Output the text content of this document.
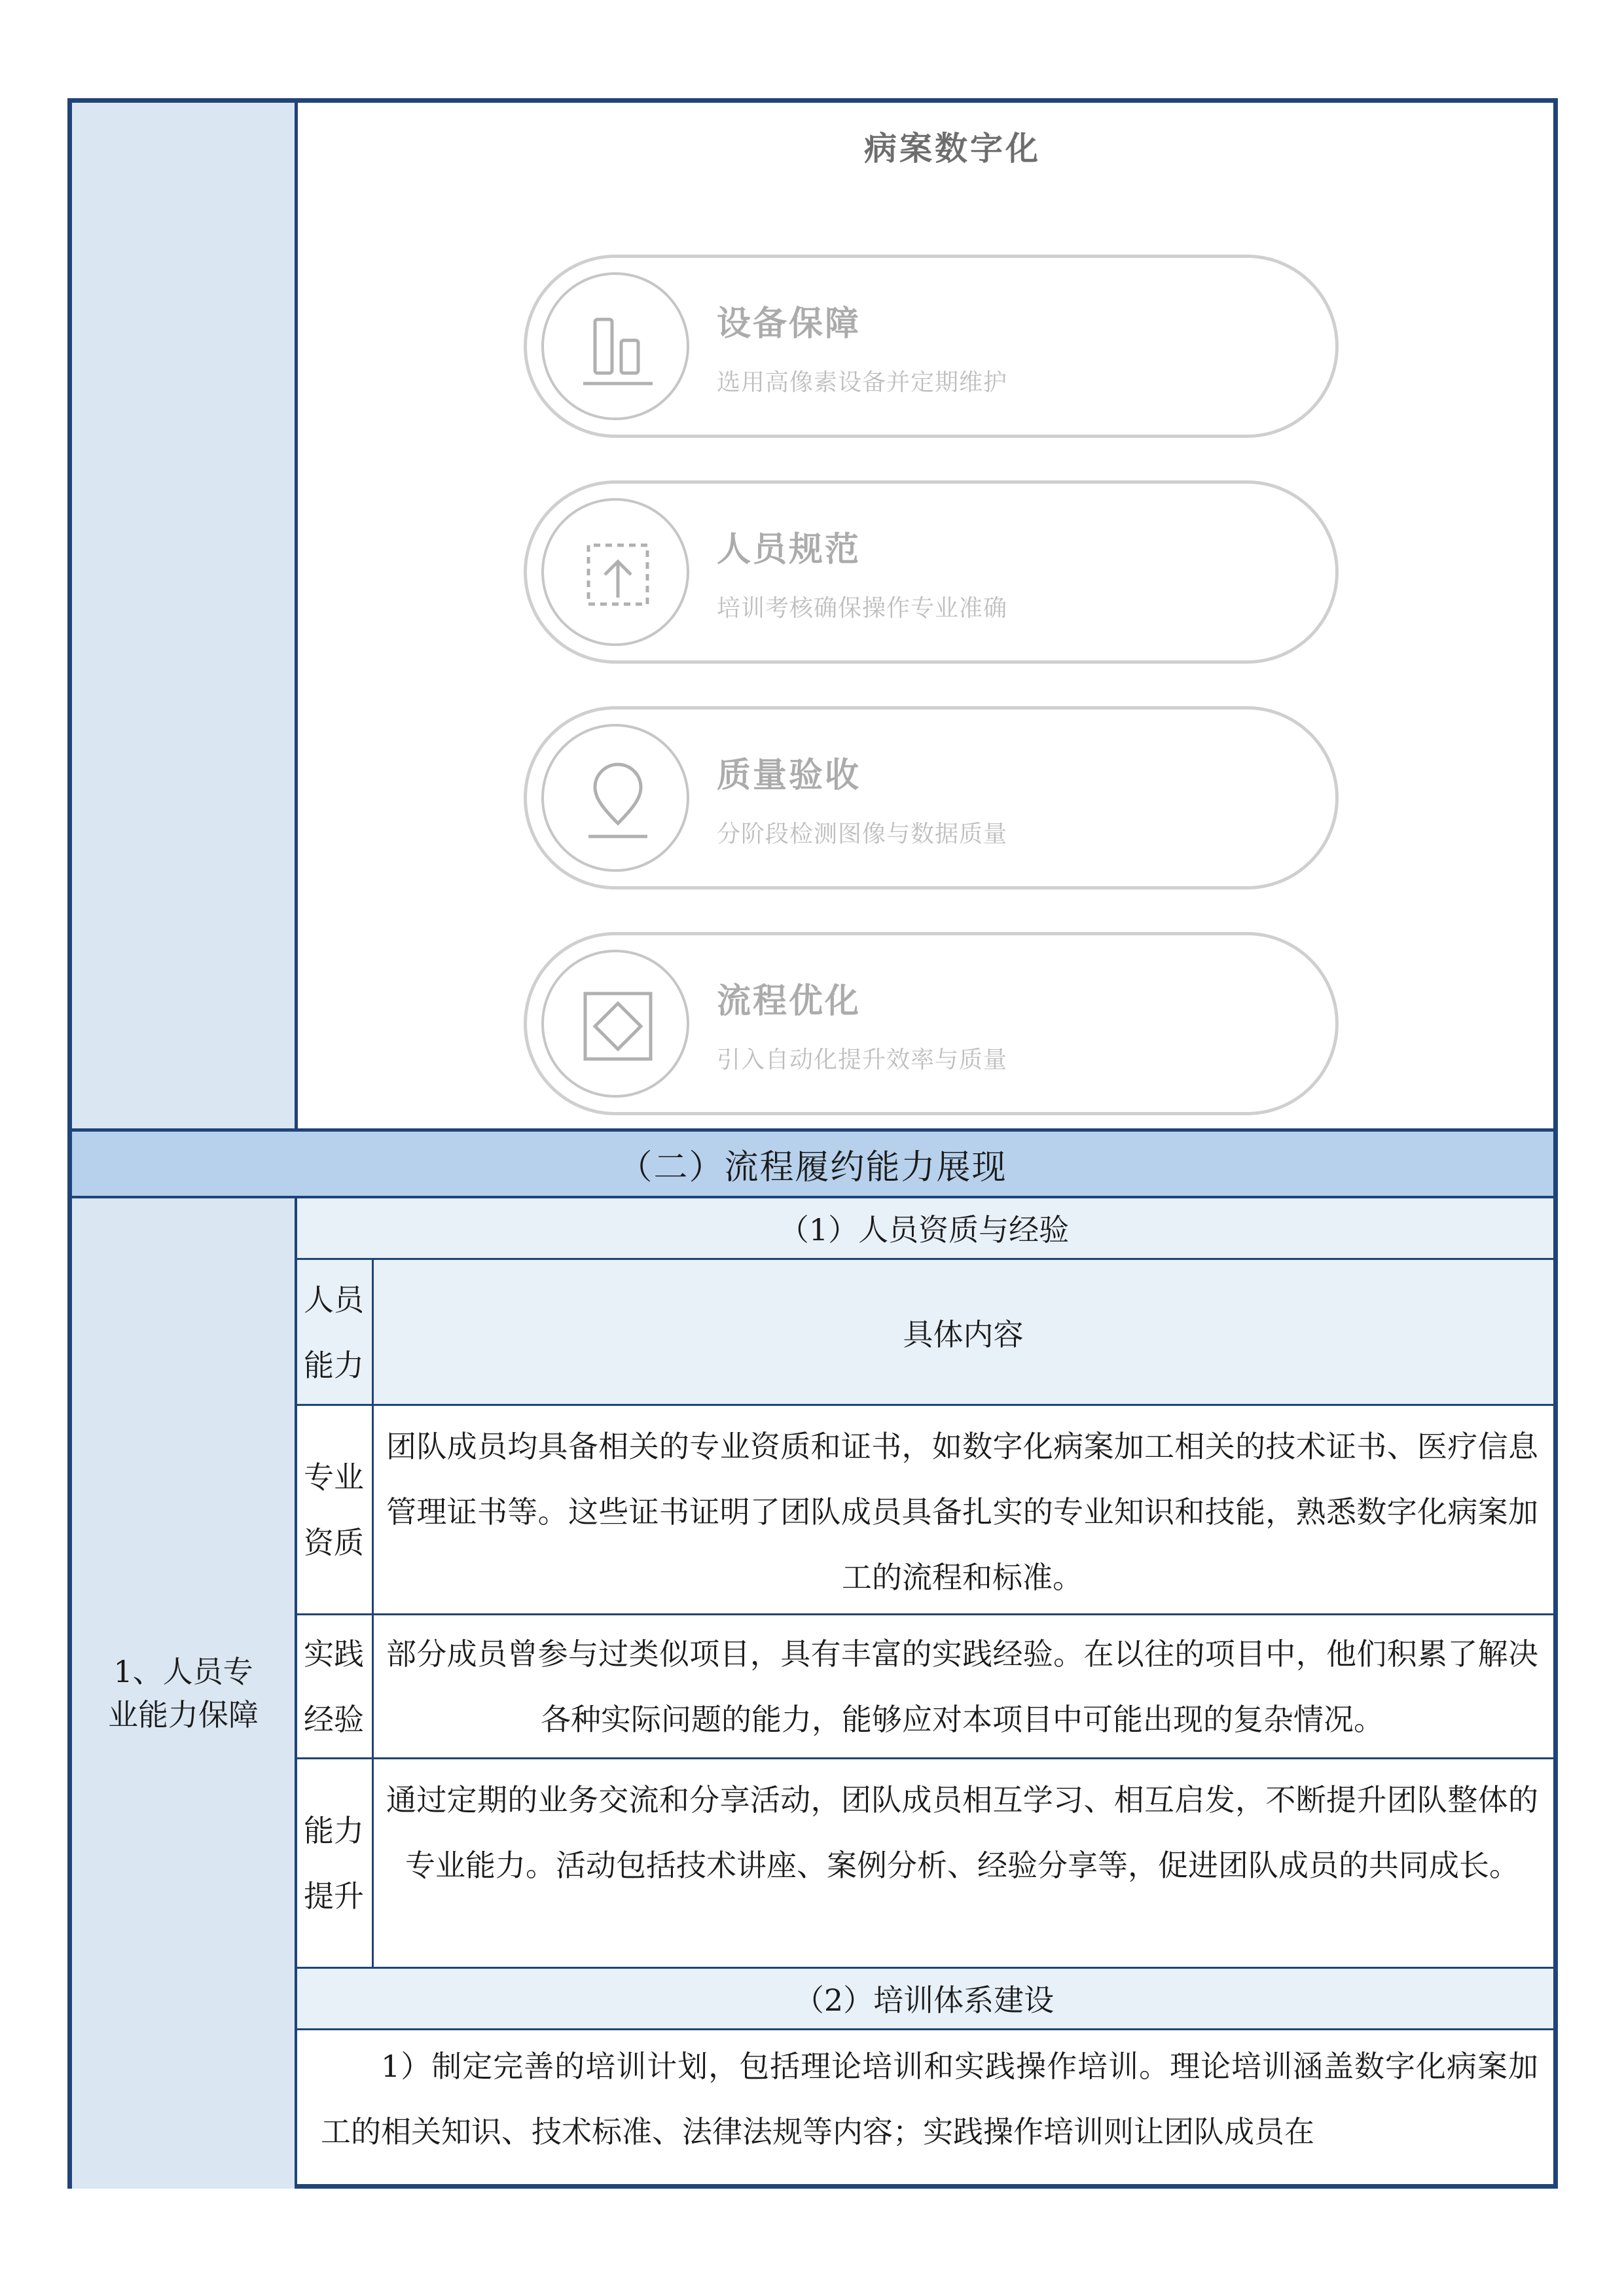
病案数字化
设备保障
选用高像素设备并定期维护
人员规范
培训考核确保操作专业准确
质量验收
分阶段检测图像与数据质量
流程优化
引入自动化提升效率与质量
（二）流程履约能力展现
1、人员专业能力保障
（1）人员资质与经验
人员能力
具体内容
专业资质
团队成员均具备相关的专业资质和证书，如数字化病案加工相关的技术证书、医疗信息管理证书等。这些证书证明了团队成员具备扎实的专业知识和技能，熟悉数字化病案加工的流程和标准。
实践经验
部分成员曾参与过类似项目，具有丰富的实践经验。在以往的项目中，他们积累了解决各种实际问题的能力，能够应对本项目中可能出现的复杂情况。
能力提升
通过定期的业务交流和分享活动，团队成员相互学习、相互启发，不断提升团队整体的专业能力。活动包括技术讲座、案例分析、经验分享等，促进团队成员的共同成长。
（2）培训体系建设
1）制定完善的培训计划，包括理论培训和实践操作培训。理论培训涵盖数字化病案加工的相关知识、技术标准、法律法规等内容；实践操作培训则让团队成员在
